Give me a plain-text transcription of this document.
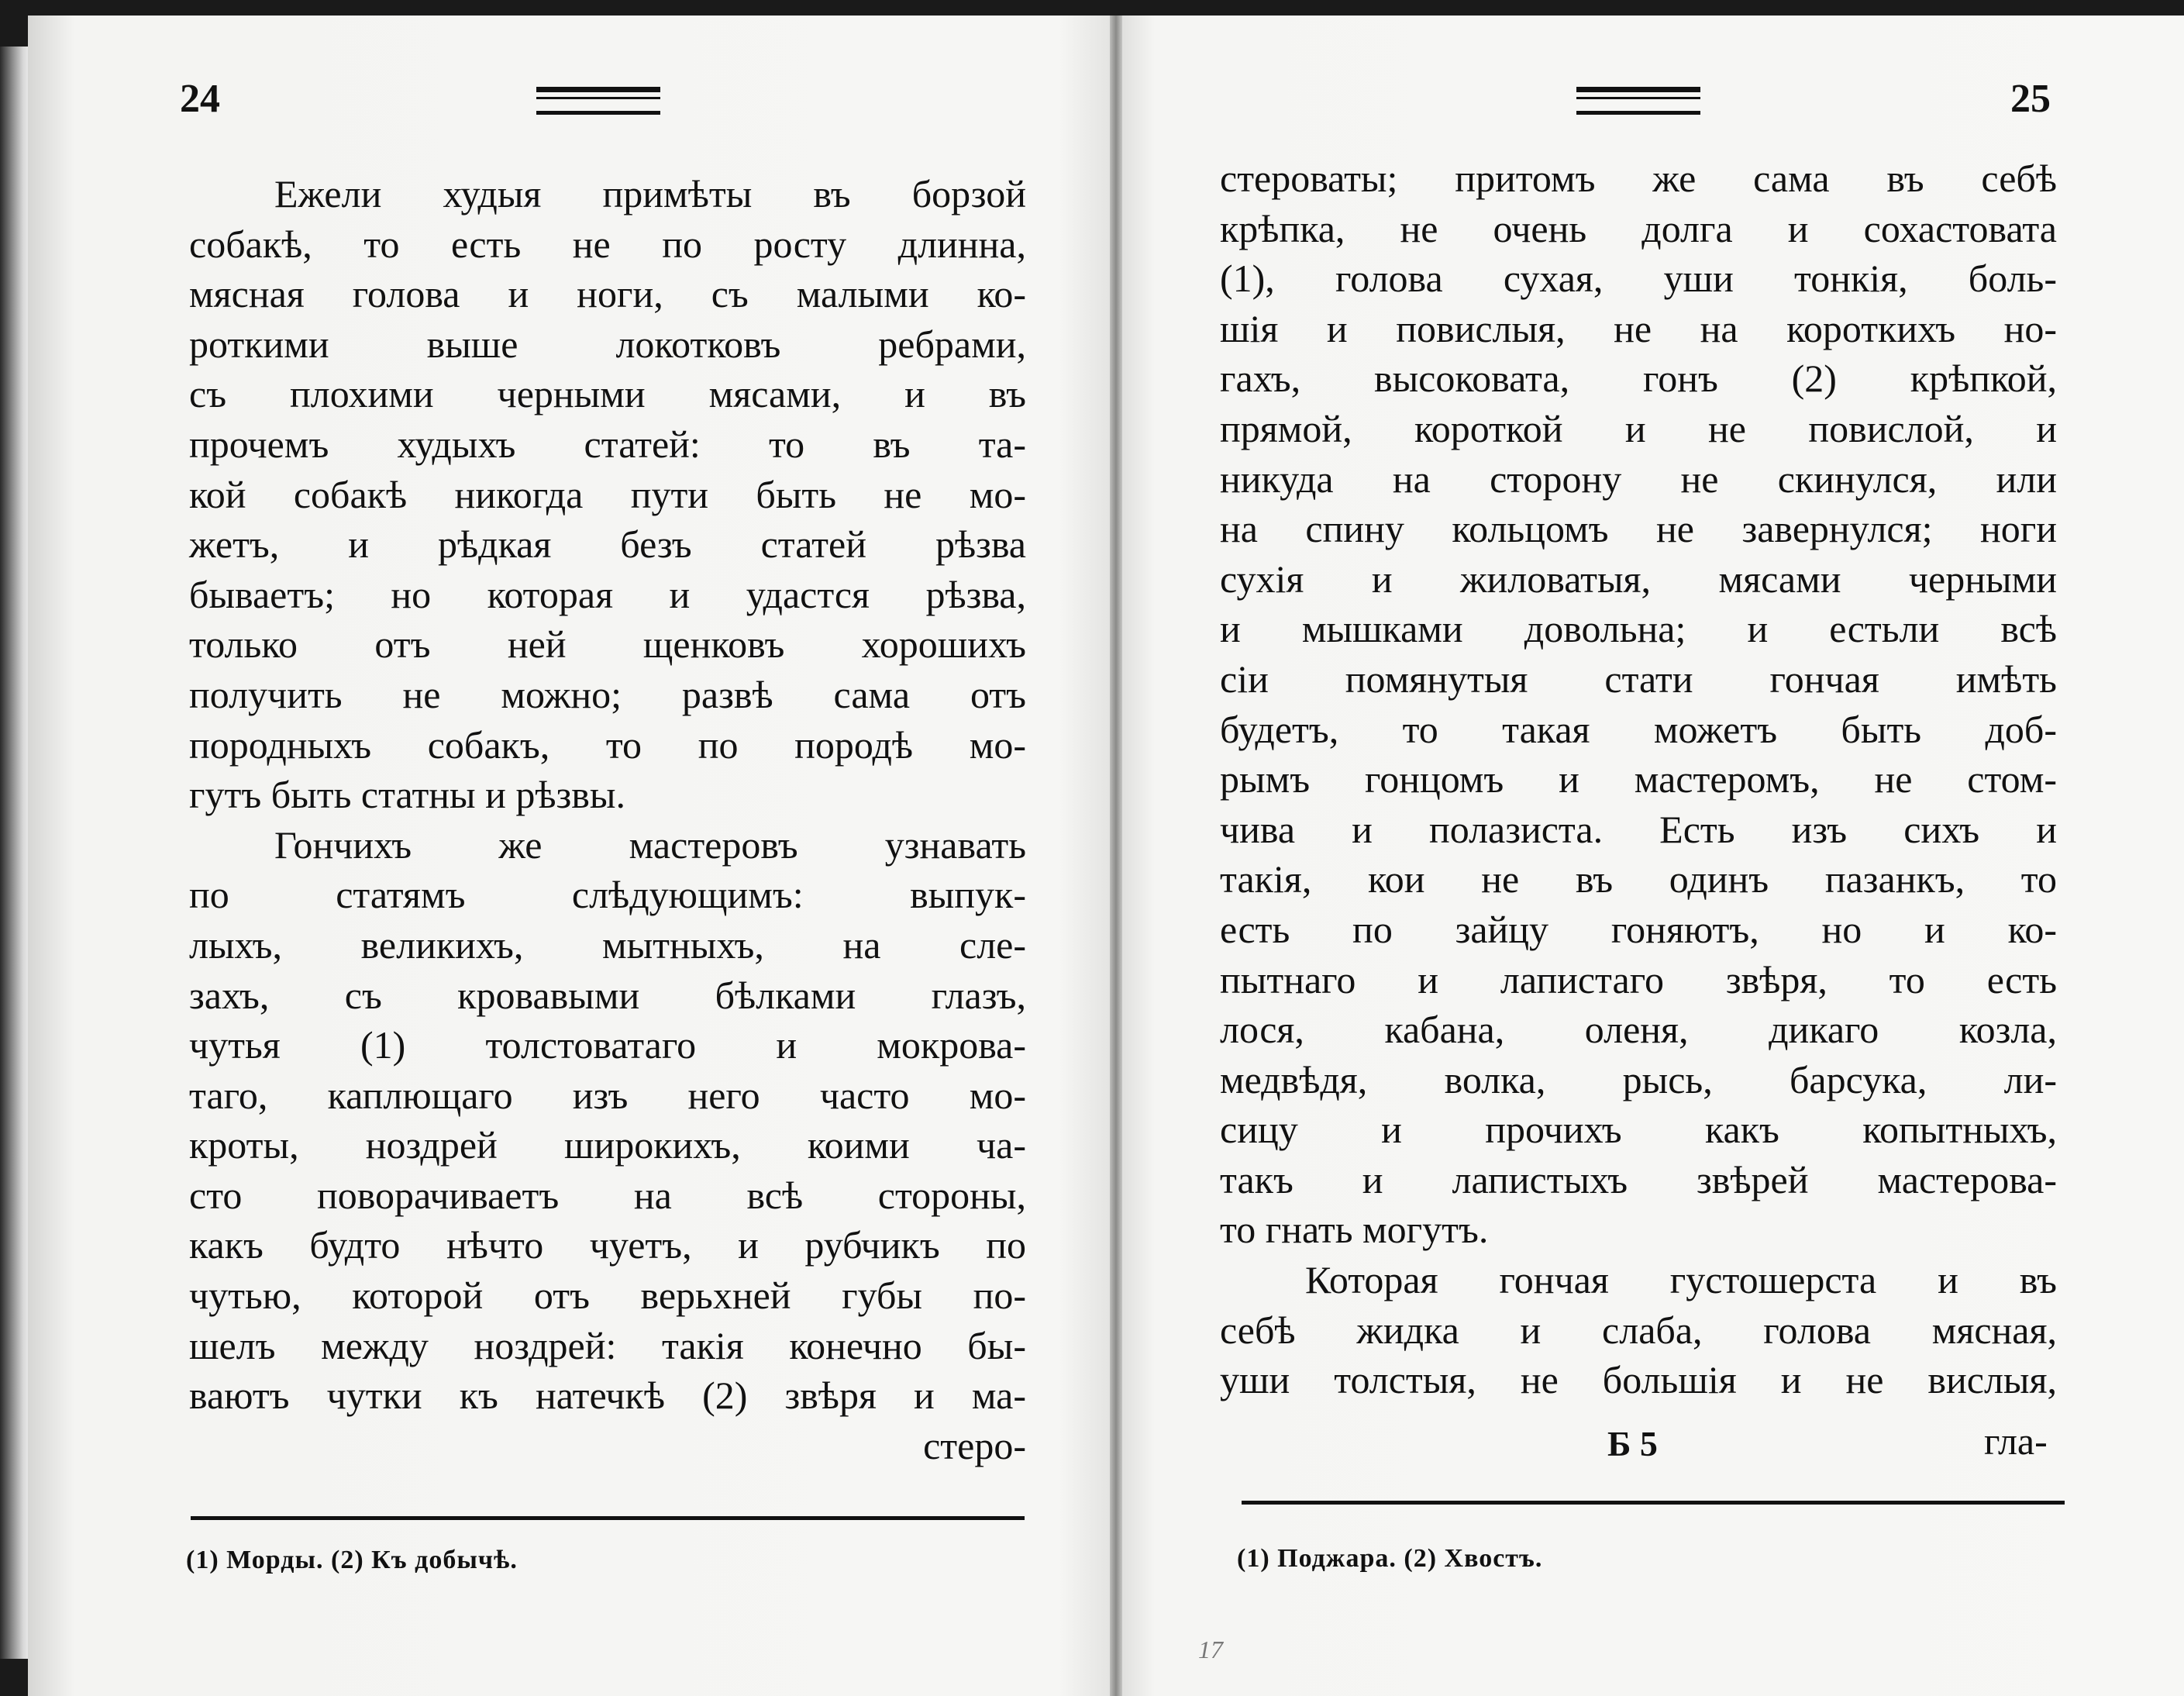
24
Ежели худыя примѣты въ борзой
собакѣ, то есть не по росту длинна,
мясная голова и ноги, съ малыми ко-
роткими выше локотковъ ребрами,
съ плохими черными мясами, и въ
прочемъ худыхъ статей: то въ та-
кой собакѣ никогда пути быть не мо-
жетъ, и рѣдкая безъ статей рѣзва
бываетъ; но которая и удастся рѣзва,
только отъ ней щенковъ хорошихъ
получить не можно; развѣ сама отъ
породныхъ собакъ, то по породѣ мо-
гутъ быть статны и рѣзвы.
Гончихъ же мастеровъ узнавать
по статямъ слѣдующимъ: выпук-
лыхъ, великихъ, мытныхъ, на сле-
захъ, съ кровавыми бѣлками глазъ,
чутья (1) толстоватаго и мокрова-
таго, каплющаго изъ него часто мо-
кроты, ноздрей широкихъ, коими ча-
сто поворачиваетъ на всѣ стороны,
какъ будто нѣчто чуетъ, и рубчикъ по
чутью, которой отъ верьхней губы по-
шелъ между ноздрей: такія конечно бы-
ваютъ чутки къ натечкѣ (2) звѣря и ма-
стеро-
(1) Морды. (2) Къ добычѣ.
25
стероваты; притомъ же сама въ себѣ
крѣпка, не очень долга и сохастовата
(1), голова сухая, уши тонкія, боль-
шія и повислыя, не на короткихъ но-
гахъ, высоковата, гонъ (2) крѣпкой,
прямой, короткой и не повислой, и
никуда на сторону не скинулся, или
на спину кольцомъ не завернулся; ноги
сухія и жиловатыя, мясами черными
и мышками довольна; и естьли всѣ
сіи помянутыя стати гончая имѣть
будетъ, то такая можетъ быть доб-
рымъ гонцомъ и мастеромъ, не стом-
чива и полазиста. Есть изъ сихъ и
такія, кои не въ одинъ пазанкъ, то
есть по зайцу гоняютъ, но и ко-
пытнаго и лапистаго звѣря, то есть
лося, кабана, оленя, дикаго козла,
медвѣдя, волка, рысь, барсука, ли-
сицу и прочихъ какъ копытныхъ,
такъ и лапистыхъ звѣрей мастерова-
то гнать могутъ.
Которая гончая густошерста и въ
себѣ жидка и слаба, голова мясная,
уши толстыя, не большія и не вислыя,
Б 5	гла-
(1) Поджара. (2) Хвостъ.
17
